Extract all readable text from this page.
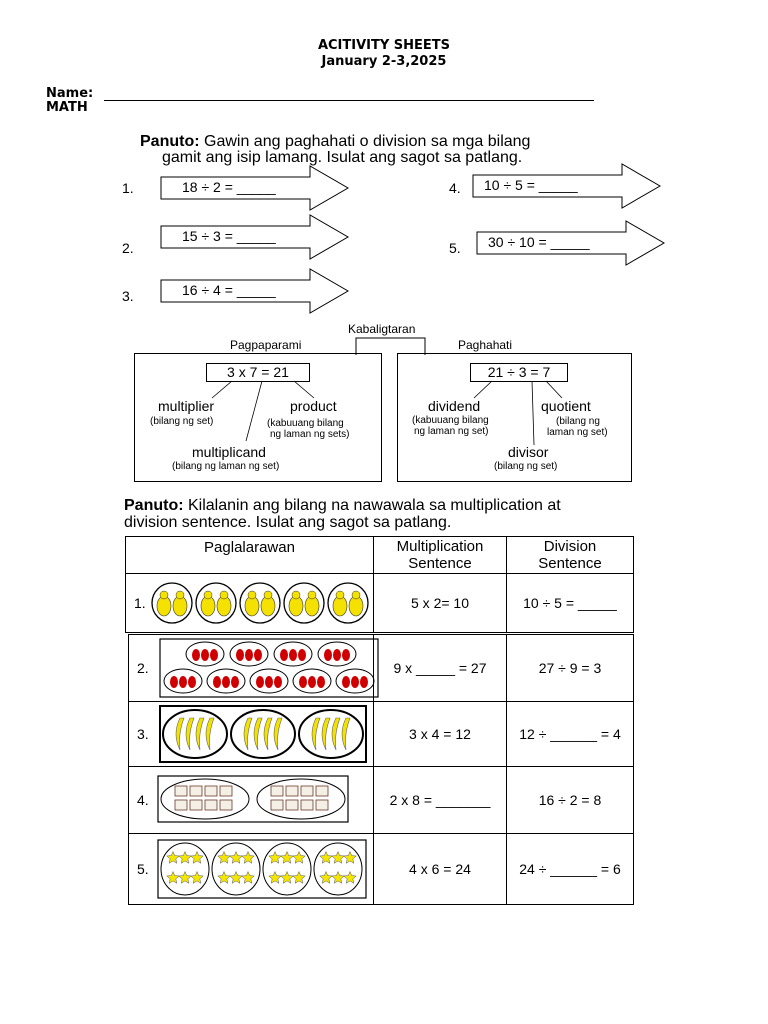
ACITIVITY SHEETS
January 2-3,2025
Name:
MATH
Panuto: Gawin ang paghahati o division sa mga bilang
gamit ang isip lamang. Isulat ang sagot sa patlang.
1.	18 ÷ 2 = _____
2.
15 ÷ 3 = _____
3.	16 ÷ 4 = _____
4. 10 ÷ 5 = _____
5. 30 ÷ 10 = _____
Kabaligtaran
Pagpaparami	Paghahati
3 x 7 = 21	21 ÷ 3 = 7
multiplier
(bilang ng set)
product
(kabuuang bilang
ng laman ng sets)
multiplicand
(bilang ng laman ng set)
dividend
(kabuuang bilang
ng laman ng set)
quotient
(bilang ng
laman ng set)
divisor
(bilang ng set)
Panuto: Kilalanin ang bilang na nawawala sa multiplication at
division sentence. Isulat ang sagot sa patlang.
Paglalarawan	Multiplication
Sentence
Division
Sentence
1.	5 x 2= 10	10 ÷ 5 = _____
2.	9 x _____ = 27	27 ÷ 9 = 3
3.	3 x 4 = 12	12 ÷ ______ = 4
4.	2 x 8 = _______	16 ÷ 2 = 8
5.	4 x 6 = 24	24 ÷ ______ = 6
